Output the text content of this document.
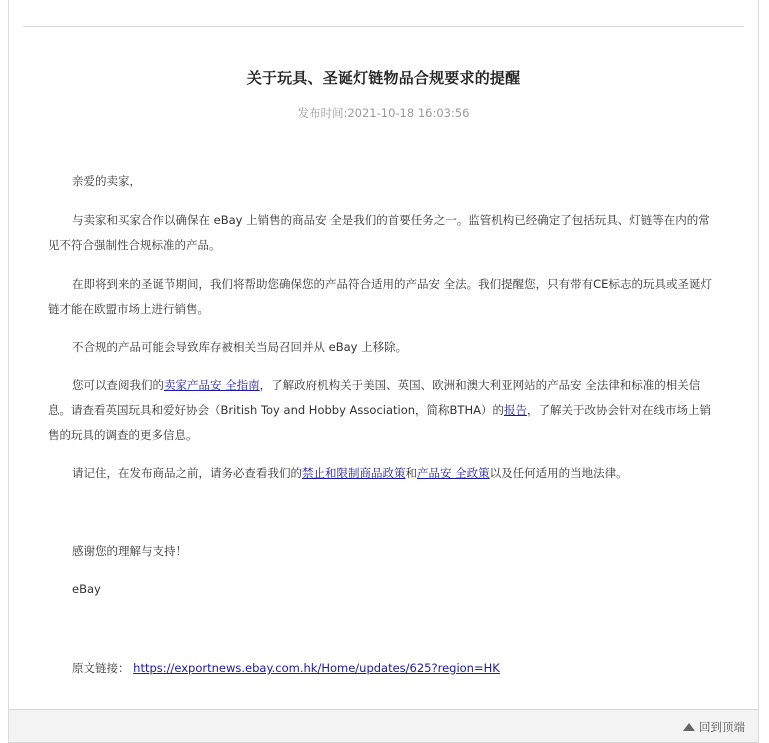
关于玩具、圣诞灯链物品合规要求的提醒
发布时间:2021-10-18 16:03:56

亲爱的卖家，

与卖家和买家合作以确保在 eBay 上销售的商品安 全是我们的首要任务之一。监管机构已经确定了包括玩具、灯链等在内的常见不符合强制性合规标准的产品。

在即将到来的圣诞节期间，我们将帮助您确保您的产品符合适用的产品安 全法。我们提醒您，只有带有CE标志的玩具或圣诞灯链才能在欧盟市场上进行销售。

不合规的产品可能会导致库存被相关当局召回并从 eBay 上移除。

您可以查阅我们的卖家产品安 全指南，了解政府机构关于美国、英国、欧洲和澳大利亚网站的产品安 全法律和标准的相关信息。请查看英国玩具和爱好协会（British Toy and Hobby Association，简称BTHA）的报告，了解关于改协会针对在线市场上销售的玩具的调查的更多信息。

请记住，在发布商品之前，请务必查看我们的禁止和限制商品政策和产品安 全政策以及任何适用的当地法律。

感谢您的理解与支持！

eBay

原文链接： https://exportnews.ebay.com.hk/Home/updates/625?region=HK

回到顶端
